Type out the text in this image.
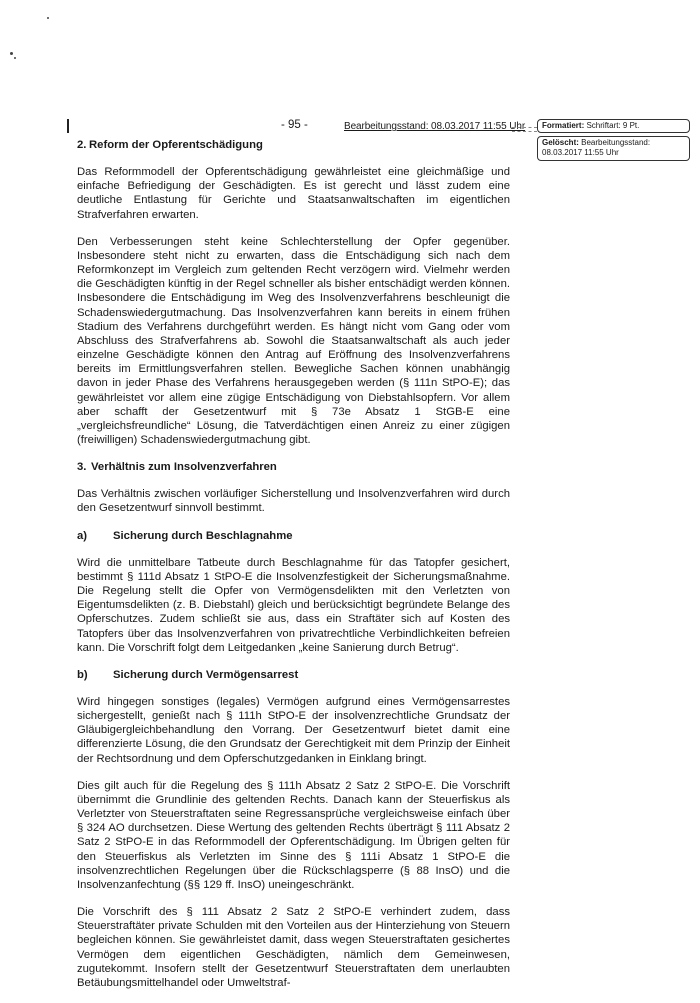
- 95 -	Bearbeitungsstand: 08.03.2017 11:55 Uhr	Formatiert: Schriftart: 9 Pt.
Gelöscht: Bearbeitungsstand: 08.03.2017 11:55 Uhr
2. Reform der Opferentschädigung

Das Reformmodell der Opferentschädigung gewährleistet eine gleichmäßige und einfache Befriedigung der Geschädigten. Es ist gerecht und lässt zudem eine deutliche Entlastung für Gerichte und Staatsanwaltschaften im eigentlichen Strafverfahren erwarten.

Den Verbesserungen steht keine Schlechterstellung der Opfer gegenüber. Insbesondere steht nicht zu erwarten, dass die Entschädigung sich nach dem Reformkonzept im Vergleich zum geltenden Recht verzögern wird. Vielmehr werden die Geschädigten künftig in der Regel schneller als bisher entschädigt werden können. Insbesondere die Entschädigung im Weg des Insolvenzverfahrens beschleunigt die Schadenswiedergutmachung. Das Insolvenzverfahren kann bereits in einem frühen Stadium des Verfahrens durchgeführt werden. Es hängt nicht vom Gang oder vom Abschluss des Strafverfahrens ab. Sowohl die Staatsanwaltschaft als auch jeder einzelne Geschädigte können den Antrag auf Eröffnung des Insolvenzverfahrens bereits im Ermittlungsverfahren stellen. Bewegliche Sachen können unabhängig davon in jeder Phase des Verfahrens herausgegeben werden (§ 111n StPO-E); das gewährleistet vor allem eine zügige Entschädigung von Diebstahlsopfern. Vor allem aber schafft der Gesetzentwurf mit § 73e Absatz 1 StGB-E eine „vergleichsfreundliche“ Lösung, die Tatverdächtigen einen Anreiz zu einer zügigen (freiwilligen) Schadenswiedergutmachung gibt.

3. Verhältnis zum Insolvenzverfahren

Das Verhältnis zwischen vorläufiger Sicherstellung und Insolvenzverfahren wird durch den Gesetzentwurf sinnvoll bestimmt.

a)	Sicherung durch Beschlagnahme

Wird die unmittelbare Tatbeute durch Beschlagnahme für das Tatopfer gesichert, bestimmt § 111d Absatz 1 StPO-E die Insolvenzfestigkeit der Sicherungsmaßnahme. Die Regelung stellt die Opfer von Vermögensdelikten mit den Verletzten von Eigentumsdelikten (z. B. Diebstahl) gleich und berücksichtigt begründete Belange des Opferschutzes. Zudem schließt sie aus, dass ein Straftäter sich auf Kosten des Tatopfers über das Insolvenzverfahren von privatrechtliche Verbindlichkeiten befreien kann. Die Vorschrift folgt dem Leitgedanken „keine Sanierung durch Betrug“.

b)	Sicherung durch Vermögensarrest

Wird hingegen sonstiges (legales) Vermögen aufgrund eines Vermögensarrestes sichergestellt, genießt nach § 111h StPO-E der insolvenzrechtliche Grundsatz der Gläubigergleichbehandlung den Vorrang. Der Gesetzentwurf bietet damit eine differenzierte Lösung, die den Grundsatz der Gerechtigkeit mit dem Prinzip der Einheit der Rechtsordnung und dem Opferschutzgedanken in Einklang bringt.

Dies gilt auch für die Regelung des § 111h Absatz 2 Satz 2 StPO-E. Die Vorschrift übernimmt die Grundlinie des geltenden Rechts. Danach kann der Steuerfiskus als Verletzter von Steuerstraftaten seine Regressansprüche vergleichsweise einfach über § 324 AO durchsetzen. Diese Wertung des geltenden Rechts überträgt § 111 Absatz 2 Satz 2 StPO-E in das Reformmodell der Opferentschädigung. Im Übrigen gelten für den Steuerfiskus als Verletzten im Sinne des § 111i Absatz 1 StPO-E die insolvenzrechtlichen Regelungen über die Rückschlagsperre (§ 88 InsO) und die Insolvenzanfechtung (§§ 129 ff. InsO) uneingeschränkt.

Die Vorschrift des § 111 Absatz 2 Satz 2 StPO-E verhindert zudem, dass Steuerstraftäter private Schulden mit den Vorteilen aus der Hinterziehung von Steuern begleichen können. Sie gewährleistet damit, dass wegen Steuerstraftaten gesichertes Vermögen dem eigentlichen Geschädigten, nämlich dem Gemeinwesen, zugutekommt. Insofern stellt der Gesetzentwurf Steuerstraftaten dem unerlaubten Betäubungsmittelhandel oder Umweltstraf-
